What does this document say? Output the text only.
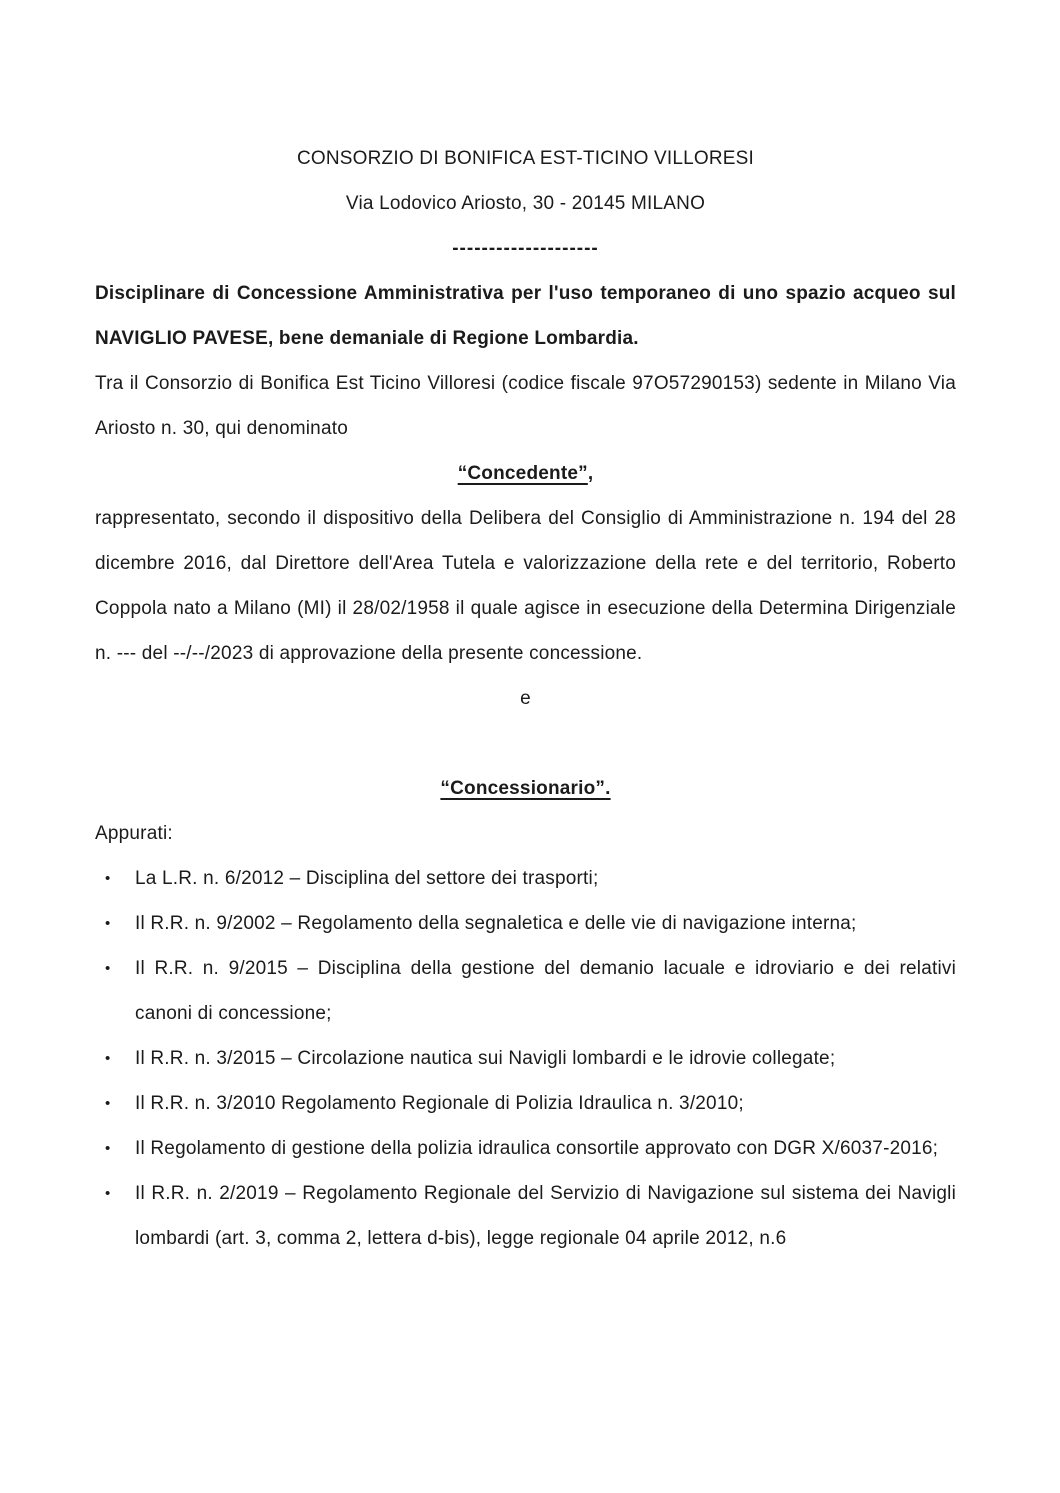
CONSORZIO DI BONIFICA EST-TICINO VILLORESI

Via Lodovico Ariosto, 30 - 20145 MILANO

--------------------

Disciplinare di Concessione Amministrativa per l'uso temporaneo di uno spazio acqueo sul NAVIGLIO PAVESE, bene demaniale di Regione Lombardia.

Tra il Consorzio di Bonifica Est Ticino Villoresi (codice fiscale 97O57290153) sedente in Milano Via Ariosto n. 30, qui denominato

“Concedente”,

rappresentato, secondo il dispositivo della Delibera del Consiglio di Amministrazione n. 194 del 28 dicembre 2016, dal Direttore dell'Area Tutela e valorizzazione della rete e del territorio, Roberto Coppola nato a Milano (MI) il 28/02/1958 il quale agisce in esecuzione della Determina Dirigenziale n. --- del --/--/2023 di approvazione della presente concessione.

e

“Concessionario”.

Appurati:

• La L.R. n. 6/2012 – Disciplina del settore dei trasporti;
• Il R.R. n. 9/2002 – Regolamento della segnaletica e delle vie di navigazione interna;
• Il R.R. n. 9/2015 – Disciplina della gestione del demanio lacuale e idroviario e dei relativi canoni di concessione;
• Il R.R. n. 3/2015 – Circolazione nautica sui Navigli lombardi e le idrovie collegate;
• Il R.R. n. 3/2010 Regolamento Regionale di Polizia Idraulica n. 3/2010;
• Il Regolamento di gestione della polizia idraulica consortile approvato con DGR X/6037-2016;
• Il R.R. n. 2/2019 – Regolamento Regionale del Servizio di Navigazione sul sistema dei Navigli lombardi (art. 3, comma 2, lettera d-bis), legge regionale 04 aprile 2012, n.6
